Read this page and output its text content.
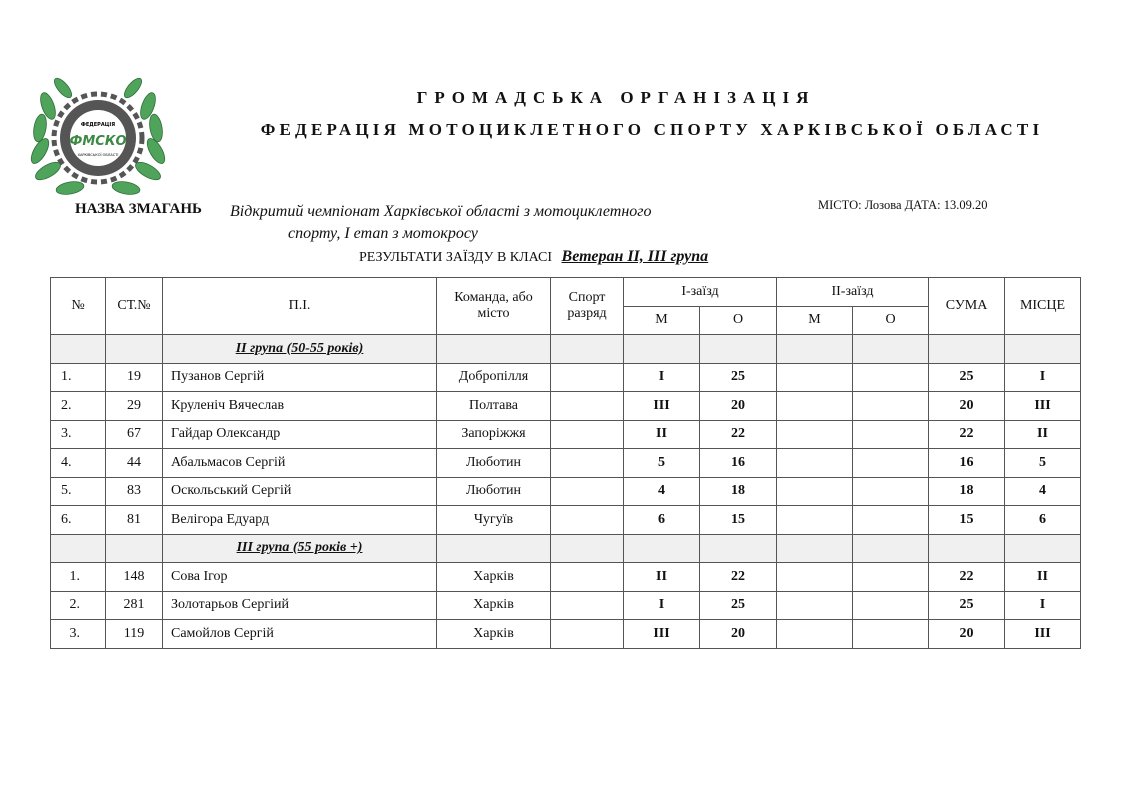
ФЕДЕРАЦІЯ
ФМСКО
ХАРКІВСЬКОЇ ОБЛАСТІ
ГРОМАДСЬКА ОРГАНІЗАЦІЯ
ФЕДЕРАЦІЯ МОТОЦИКЛЕТНОГО СПОРТУ ХАРКІВСЬКОЇ ОБЛАСТІ
НАЗВА ЗМАГАНЬ Відкритий чемпіонат Харківської області з мотоциклетного
спорту, І етап з мотокросу
МІСТО: Лозова ДАТА: 13.09.20
РЕЗУЛЬТАТИ ЗАЇЗДУ В КЛАСІ Ветеран ІІ, ІІІ група
№	СТ.№	П.І.	Команда, або місто	Спорт разряд	І-заїзд		ІІ-заїзд		СУМА	МІСЦЕ
					М	О	М	О		
		ІІ група (50-55 років)								
1.	19	Пузанов Сергій	Добропілля		I	25			25	I
2.	29	Круленіч Вячеслав	Полтава		III	20			20	III
3.	67	Гайдар Олександр	Запоріжжя		II	22			22	II
4.	44	Абальмасов Сергій	Люботин		5	16			16	5
5.	83	Оскольський Сергій	Люботин		4	18			18	4
6.	81	Велігора Едуард	Чугуїв		6	15			15	6
		ІІІ група (55 років +)								
1.	148	Сова Ігор	Харків		II	22			22	II
2.	281	Золотарьов Сергіий	Харків		I	25			25	I
3.	119	Самойлов Сергій	Харків		III	20			20	III
